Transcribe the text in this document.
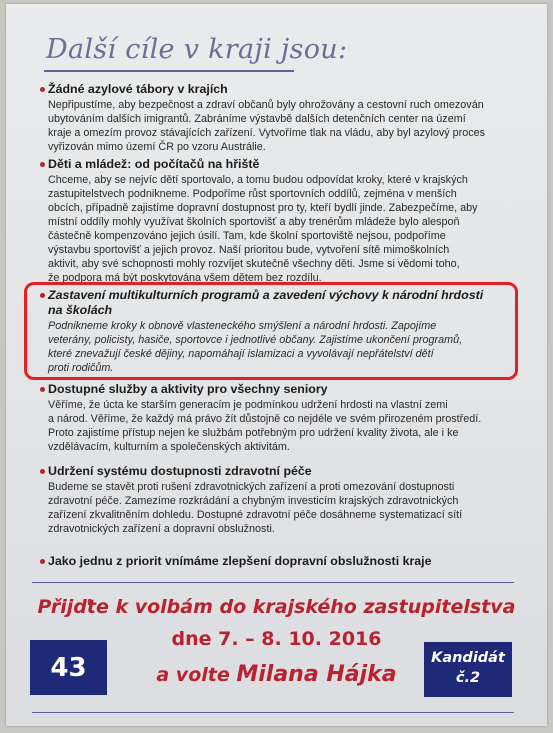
Další cíle v kraji jsou:
Žádné azylové tábory v krajích
Nepřipustíme, aby bezpečnost a zdraví občanů byly ohrožovány a cestovní ruch omezován
ubytováním dalších imigrantů. Zabráníme výstavbě dalších detenčních center na území
kraje a omezím provoz stávajících zařízení. Vytvoříme tlak na vládu, aby byl azylový proces
vyřizován mimo území ČR po vzoru Austrálie.
Děti a mládež: od počítačů na hřiště
Chceme, aby se nejvíc dětí sportovalo, a tomu budou odpovídat kroky, které v krajských
zastupitelstvech podnikneme. Podpoříme růst sportovních oddílů, zejména v menších
obcích, případně zajistíme dopravní dostupnost pro ty, kteří bydlí jinde. Zabezpečíme, aby
místní oddíly mohly využívat školních sportovišť a aby trenérům mládeže bylo alespoň
částečně kompenzováno jejich úsilí. Tam, kde školní sportoviště nejsou, podpoříme
výstavbu sportovišť a jejich provoz. Naší prioritou bude, vytvoření sítě mimoškolních
aktivit, aby své schopnosti mohly rozvíjet skutečně všechny děti. Jsme si vědomi toho,
že podpora má být poskytována všem dětem bez rozdílu.
Zastavení multikulturních programů a zavedení výchovy k národní hrdosti
na školách
Podnikneme kroky k obnově vlasteneckého smýšlení a národní hrdosti. Zapojíme
veterány, policisty, hasiče, sportovce i jednotlivé občany. Zajistíme ukončení programů,
které znevažují české dějiny, napomáhají islamizaci a vyvolávají nepřátelství dětí
proti rodičům.
Dostupné služby a aktivity pro všechny seniory
Věříme, že úcta ke starším generacím je podmínkou udržení hrdosti na vlastní zemi
a národ. Věříme, že každý má právo žít důstojně co nejdéle ve svém přirozeném prostředí.
Proto zajistíme přístup nejen ke službám potřebným pro udržení kvality života, ale i ke
vzdělávacím, kulturním a společenských aktivitám.
Udržení systému dostupnosti zdravotní péče
Budeme se stavět proti rušení zdravotnických zařízení a proti omezování dostupnosti
zdravotní péče. Zamezíme rozkrádání a chybným investicím krajských zdravotnických
zařízení zkvalitněním dohledu. Dostupné zdravotní péče dosáhneme systematizací sítí
zdravotnických zařízení a dopravní obslužnosti.
Jako jednu z priorit vnímáme zlepšení dopravní obslužnosti kraje
Přijďte k volbám do krajského zastupitelstva
dne 7. – 8. 10. 2016
a volte Milana Hájka
43	Kandidát
č.2
